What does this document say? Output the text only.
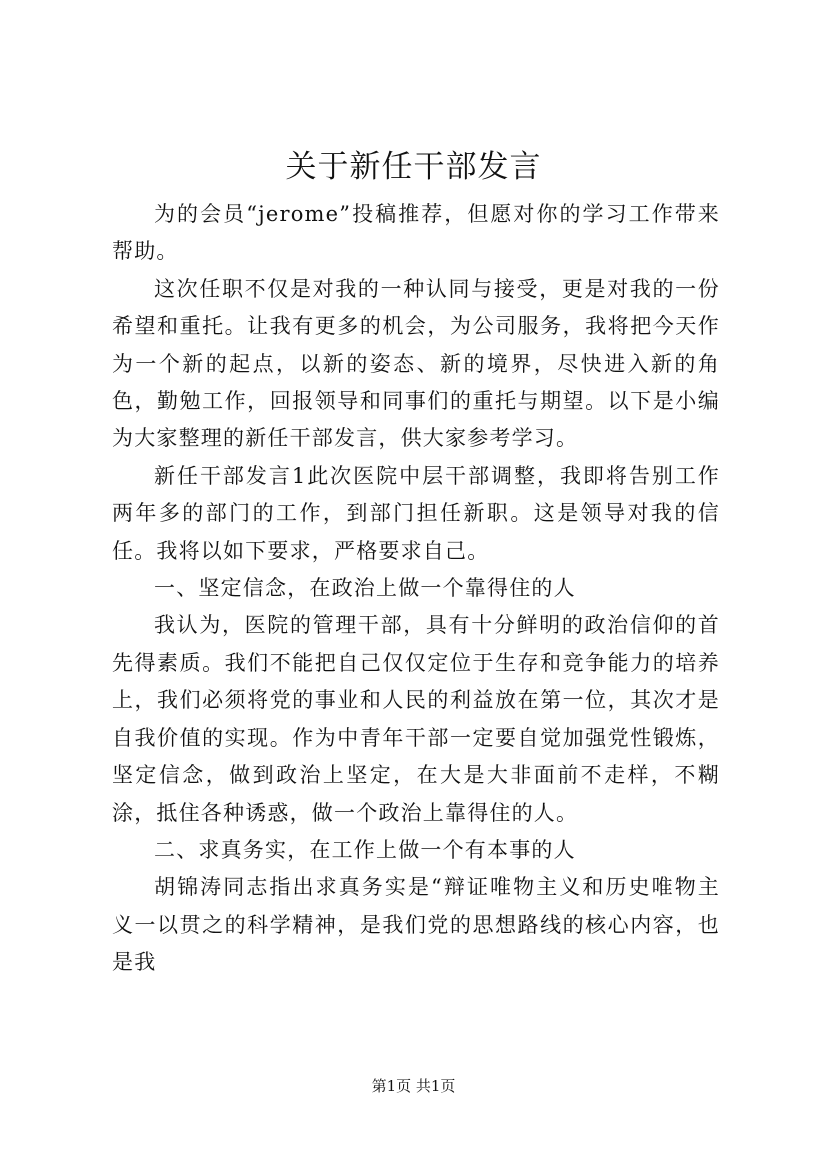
关于新任干部发言

为的会员“jerome”投稿推荐，但愿对你的学习工作带来帮助。

这次任职不仅是对我的一种认同与接受，更是对我的一份希望和重托。让我有更多的机会，为公司服务，我将把今天作为一个新的起点，以新的姿态、新的境界，尽快进入新的角色，勤勉工作，回报领导和同事们的重托与期望。以下是小编为大家整理的新任干部发言，供大家参考学习。

新任干部发言1此次医院中层干部调整，我即将告别工作两年多的部门的工作，到部门担任新职。这是领导对我的信任。我将以如下要求，严格要求自己。

一、坚定信念，在政治上做一个靠得住的人

我认为，医院的管理干部，具有十分鲜明的政治信仰的首先得素质。我们不能把自己仅仅定位于生存和竞争能力的培养上，我们必须将党的事业和人民的利益放在第一位，其次才是自我价值的实现。作为中青年干部一定要自觉加强党性锻炼，坚定信念，做到政治上坚定，在大是大非面前不走样，不糊涂，抵住各种诱惑，做一个政治上靠得住的人。

二、求真务实，在工作上做一个有本事的人

胡锦涛同志指出求真务实是“辩证唯物主义和历史唯物主义一以贯之的科学精神，是我们党的思想路线的核心内容，也是我

第1页 共1页
